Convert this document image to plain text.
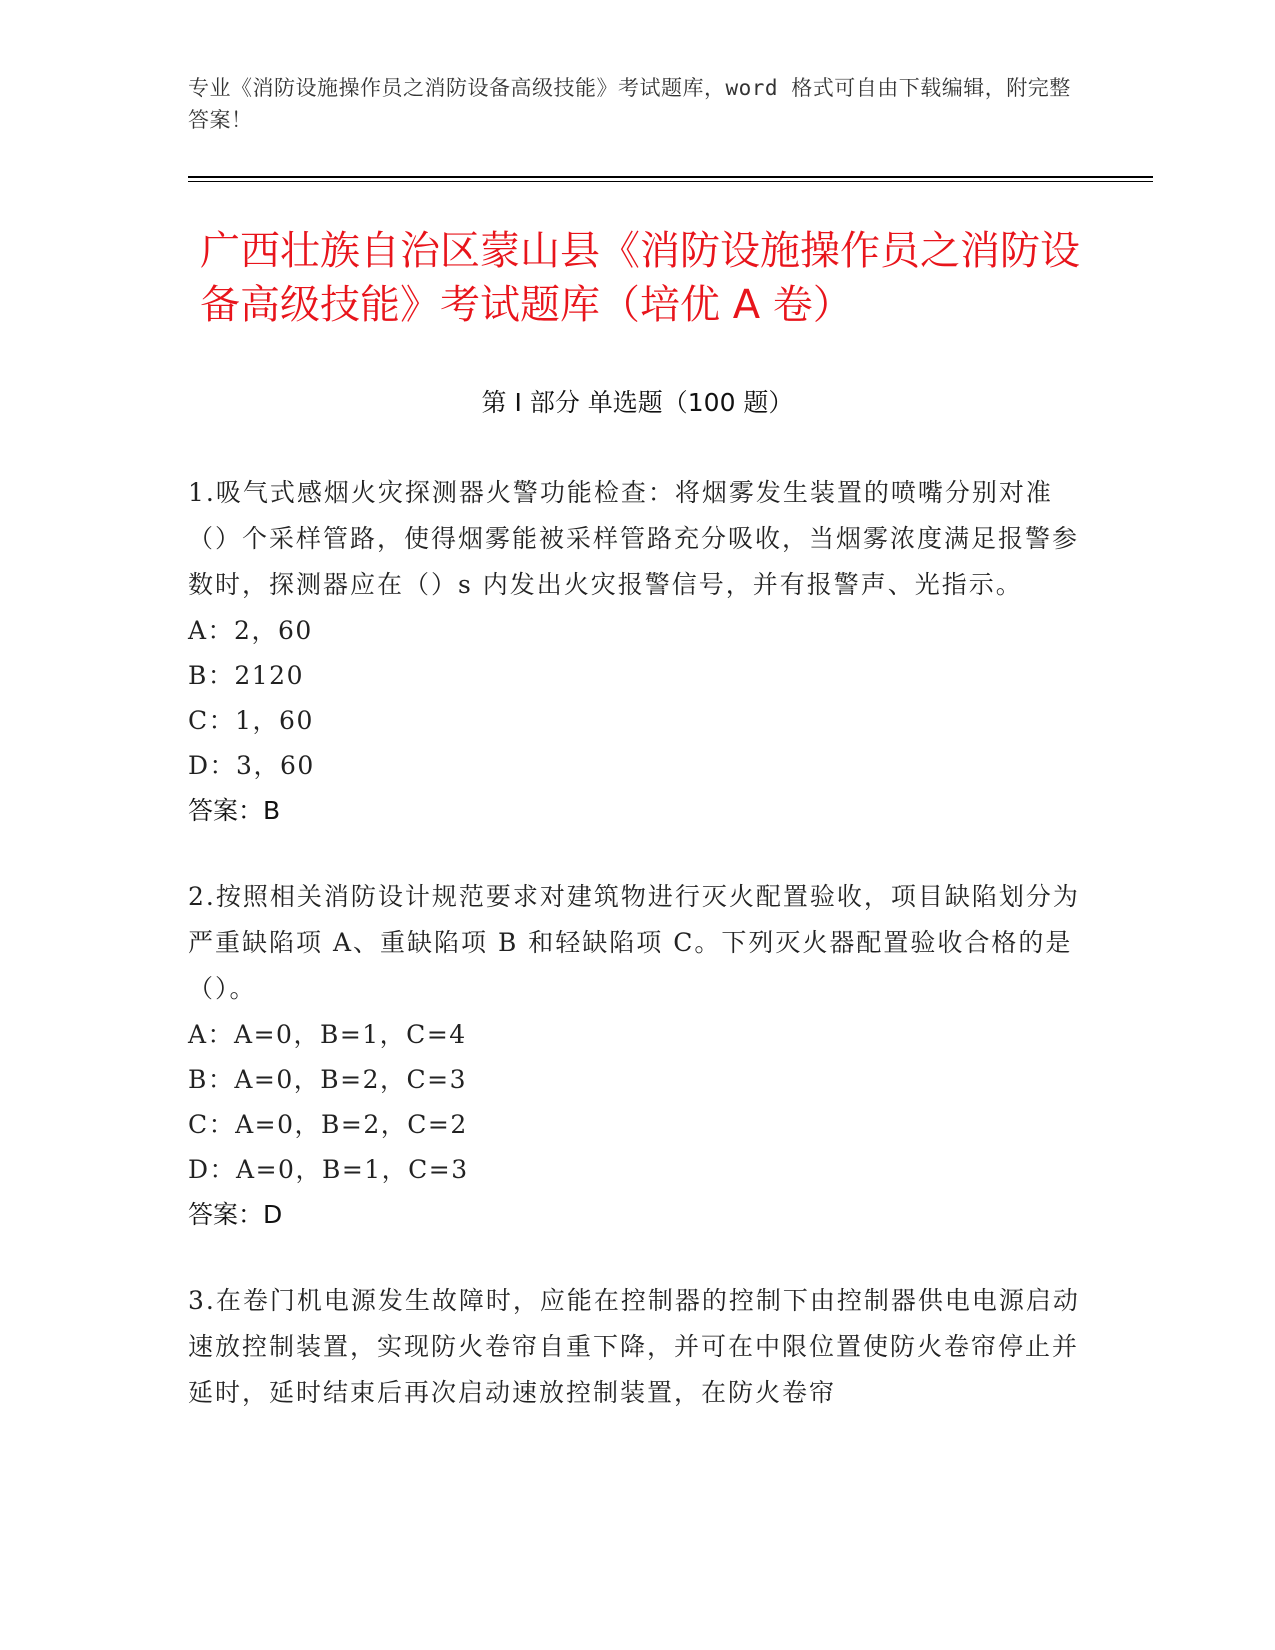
专业《消防设施操作员之消防设备高级技能》考试题库，word 格式可自由下载编辑，附完整答案！
广西壮族自治区蒙山县《消防设施操作员之消防设备高级技能》考试题库（培优 A 卷）
第 I 部分 单选题（100 题）

1.吸气式感烟火灾探测器火警功能检查：将烟雾发生装置的喷嘴分别对准（）个采样管路，使得烟雾能被采样管路充分吸收，当烟雾浓度满足报警参数时，探测器应在（）s 内发出火灾报警信号，并有报警声、光指示。

A：2，60

B：2120

C：1，60

D：3，60

答案：B

2.按照相关消防设计规范要求对建筑物进行灭火配置验收，项目缺陷划分为严重缺陷项 A、重缺陷项 B 和轻缺陷项 C。下列灭火器配置验收合格的是（）。

A：A=0，B=1，C=4

B：A=0，B=2，C=3

C：A=0，B=2，C=2

D：A=0，B=1，C=3

答案：D

3.在卷门机电源发生故障时，应能在控制器的控制下由控制器供电电源启动速放控制装置，实现防火卷帘自重下降，并可在中限位置使防火卷帘停止并延时，延时结束后再次启动速放控制装置，在防火卷帘
